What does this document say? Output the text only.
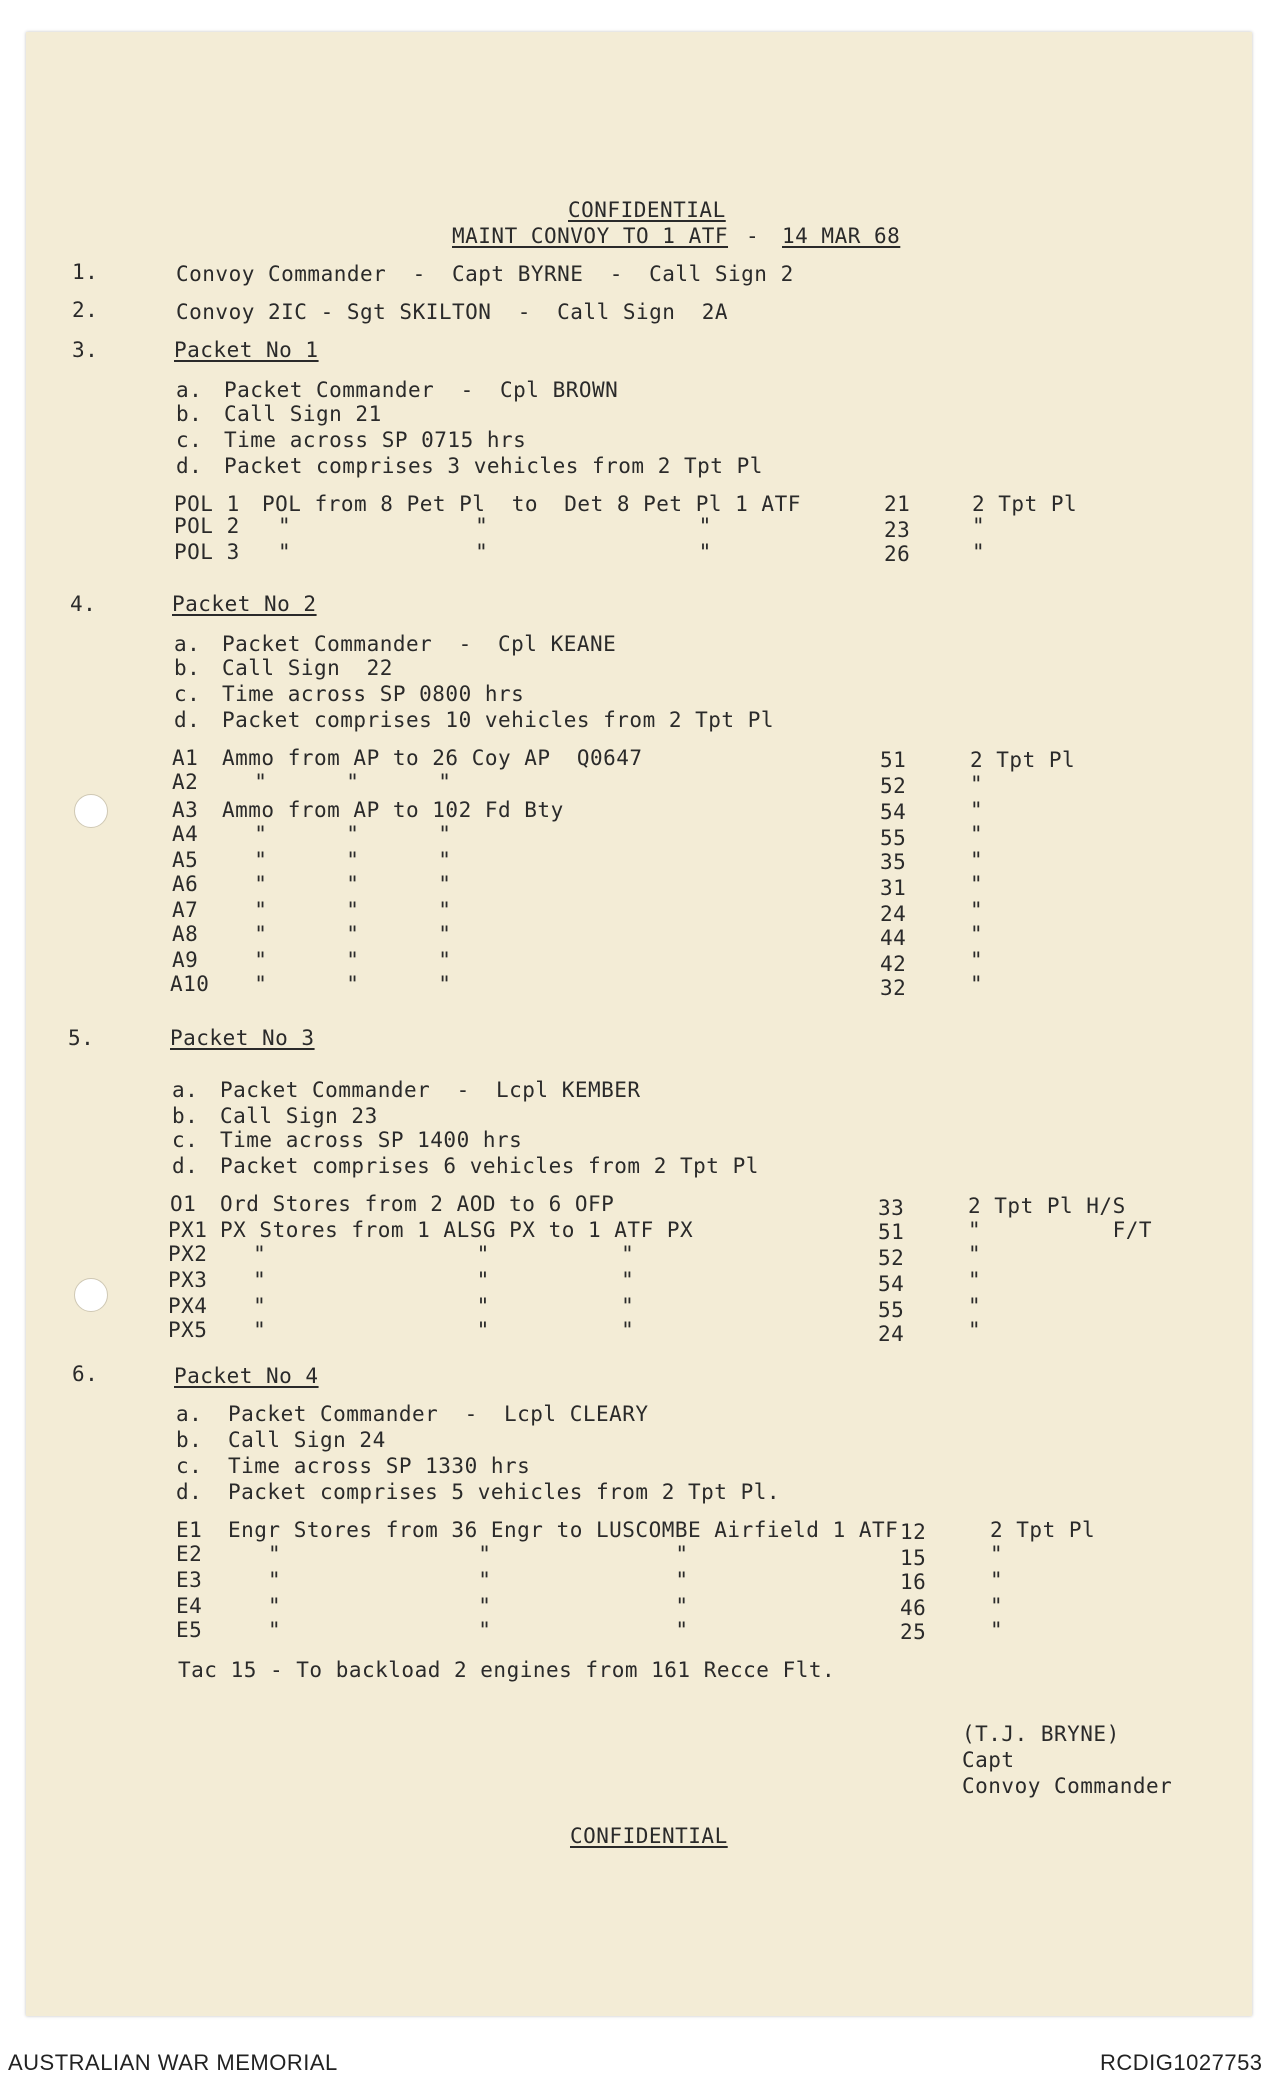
CONFIDENTIAL
MAINT CONVOY TO 1 ATF - 14 MAR 68
1.	Convoy Commander  -  Capt BYRNE  -  Call Sign 2
2.	Convoy 2IC - Sgt SKILTON  -  Call Sign  2A
3.	Packet No 1
a. Packet Commander  -  Cpl BROWN
b. Call Sign 21
c. Time across SP 0715 hrs
d. Packet comprises 3 vehicles from 2 Tpt Pl
POL 1 POL from 8 Pet Pl  to  Det 8 Pet Pl 1 ATF	21	2 Tpt Pl
POL 2 "              "                "	23	"
POL 3 "              "                "	26	"
4.	Packet No 2
a. Packet Commander  -  Cpl KEANE
b. Call Sign  22
c. Time across SP 0800 hrs
d. Packet comprises 10 vehicles from 2 Tpt Pl
A1 Ammo from AP to 26 Coy AP  Q0647	51	2 Tpt Pl
A2 "      "      "	52	"
A3 Ammo from AP to 102 Fd Bty	54	"
A4 "      "      "	55	"
A5 "      "      "	35	"
A6 "      "      "	31	"
A7 "      "      "	24	"
A8 "      "      "	44	"
A9 "      "      "	42	"
A10 "      "      "	32	"
5.	Packet No 3
a. Packet Commander  -  Lcpl KEMBER
b. Call Sign 23
c. Time across SP 1400 hrs
d. Packet comprises 6 vehicles from 2 Tpt Pl
O1 Ord Stores from 2 AOD to 6 OFP	33	2 Tpt Pl H/S
PX1 PX Stores from 1 ALSG PX to 1 ATF PX	51	"          F/T
PX2 "                "          "	52	"
PX3 "                "          "	54	"
PX4 "                "          "	55	"
PX5 "                "          "	24	"
6.	Packet No 4
a. Packet Commander  -  Lcpl CLEARY
b. Call Sign 24
c. Time across SP 1330 hrs
d. Packet comprises 5 vehicles from 2 Tpt Pl.
E1 Engr Stores from 36 Engr to LUSCOMBE Airfield 1 ATF 12	2 Tpt Pl
E2	"               "              "	15	"
E3	"               "              "	16	"
E4	"               "              "	46	"
E5	"               "              "	25	"
Tac 15 - To backload 2 engines from 161 Recce Flt.
(T.J. BRYNE)
Capt
Convoy Commander
CONFIDENTIAL
AUSTRALIAN WAR MEMORIAL	RCDIG1027753
